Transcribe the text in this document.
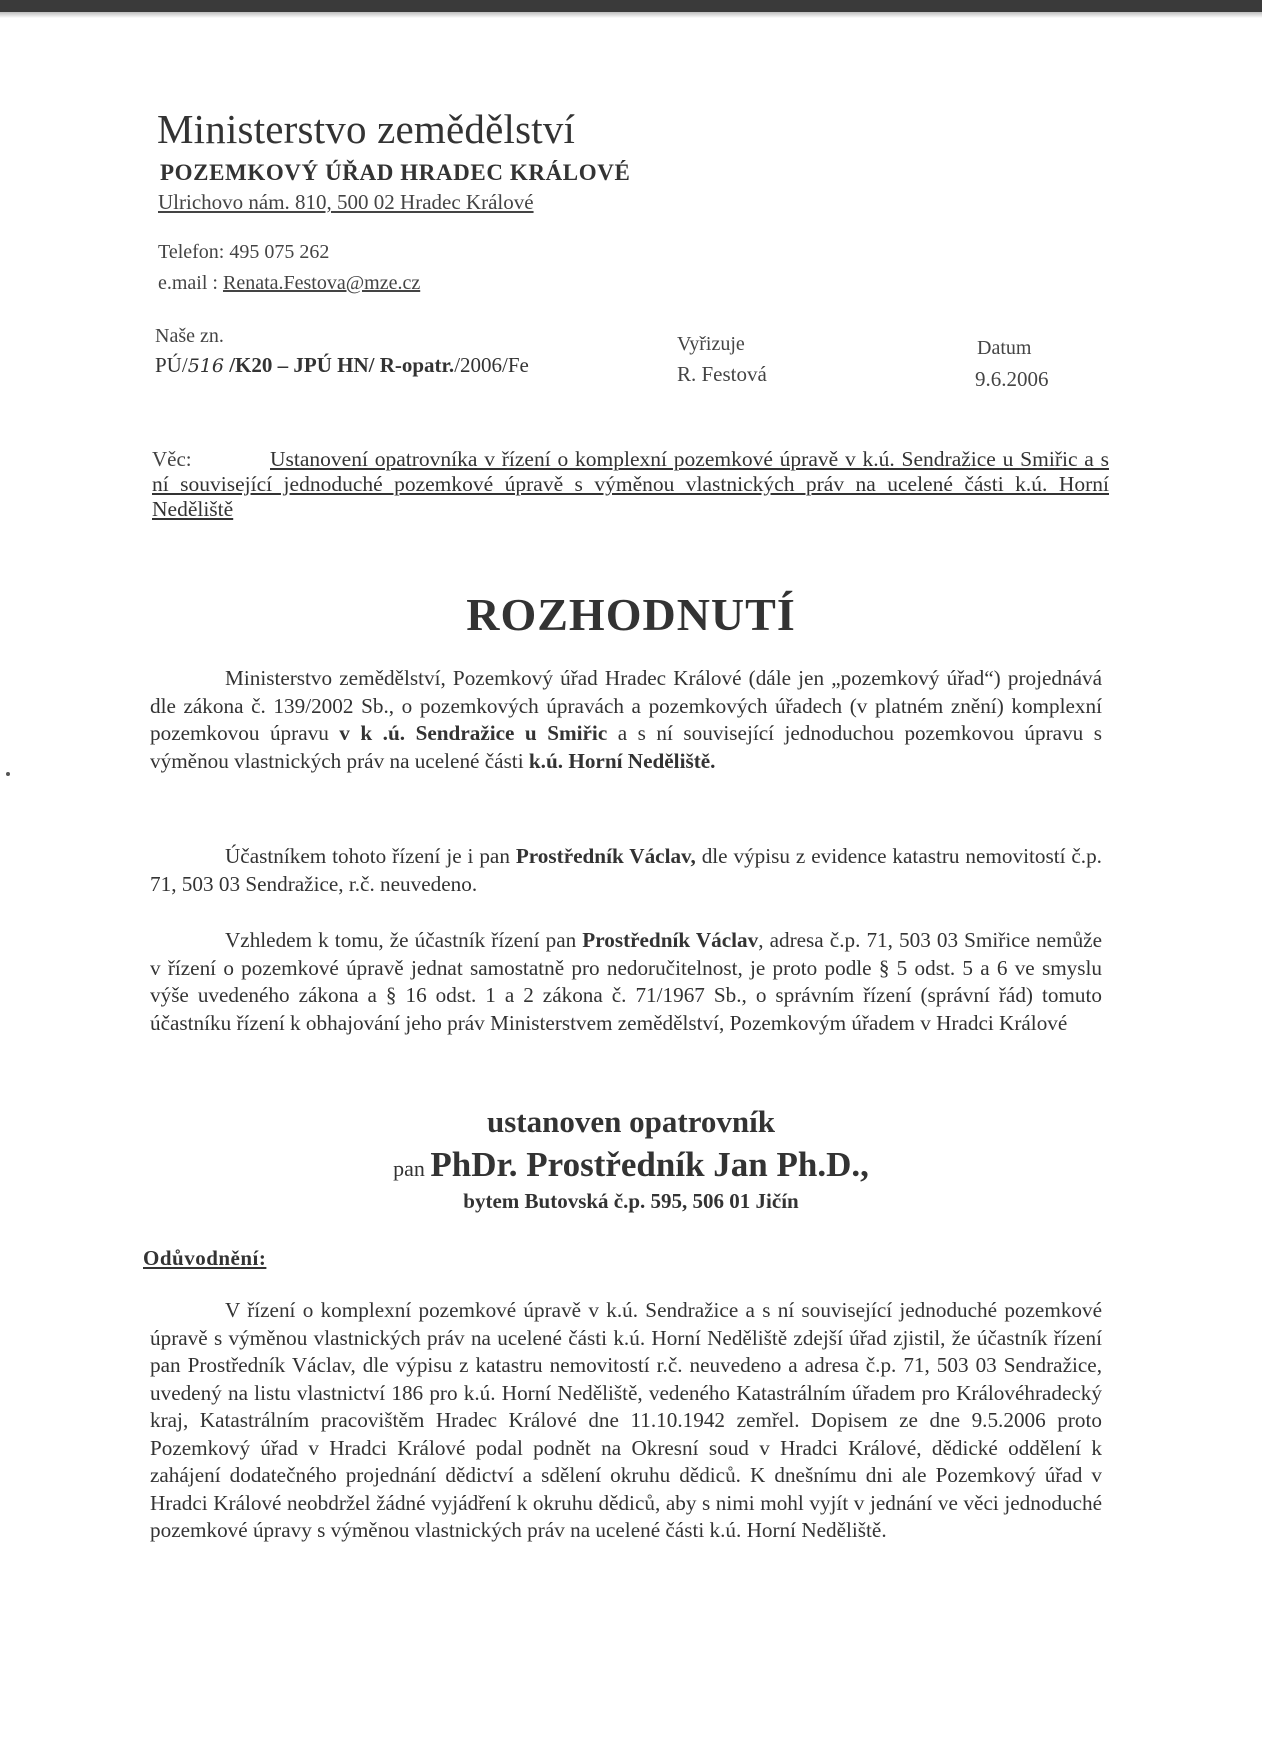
Ministerstvo zemědělství
POZEMKOVÝ ÚŘAD HRADEC KRÁLOVÉ
Ulrichovo nám. 810, 500 02 Hradec Králové
Telefon: 495 075 262
e.mail : Renata.Festova@mze.cz
Naše zn.
PÚ/516 /K20 – JPÚ HN/ R-opatr./2006/Fe
Vyřizuje
R. Festová
Datum
9.6.2006
Věc:	Ustanovení opatrovníka v řízení o komplexní pozemkové úpravě v k.ú. Sendražice u Smiřic a s ní související jednoduché pozemkové úpravě s výměnou vlastnických práv na ucelené části k.ú. Horní Neděliště
ROZHODNUTÍ
Ministerstvo zemědělství, Pozemkový úřad Hradec Králové (dále jen „pozemkový úřad“) projednává dle zákona č. 139/2002 Sb., o pozemkových úpravách a pozemkových úřadech (v platném znění) komplexní pozemkovou úpravu v k .ú. Sendražice u Smiřic a s ní související jednoduchou pozemkovou úpravu s výměnou vlastnických práv na ucelené části k.ú. Horní Neděliště.
Účastníkem tohoto řízení je i pan Prostředník Václav, dle výpisu z evidence katastru nemovitostí č.p. 71, 503 03 Sendražice, r.č. neuvedeno.
Vzhledem k tomu, že účastník řízení pan Prostředník Václav, adresa č.p. 71, 503 03 Smiřice nemůže v řízení o pozemkové úpravě jednat samostatně pro nedoručitelnost, je proto podle § 5 odst. 5 a 6 ve smyslu výše uvedeného zákona a § 16 odst. 1 a 2 zákona č. 71/1967 Sb., o správním řízení (správní řád) tomuto účastníku řízení k obhajování jeho práv Ministerstvem zemědělství, Pozemkovým úřadem v Hradci Králové
ustanoven opatrovník
pan PhDr. Prostředník Jan Ph.D.,
bytem Butovská č.p. 595, 506 01 Jičín
Odůvodnění:
V řízení o komplexní pozemkové úpravě v k.ú. Sendražice a s ní související jednoduché pozemkové úpravě s výměnou vlastnických práv na ucelené části k.ú. Horní Neděliště zdejší úřad zjistil, že účastník řízení pan Prostředník Václav, dle výpisu z katastru nemovitostí r.č. neuvedeno a adresa č.p. 71, 503 03 Sendražice, uvedený na listu vlastnictví 186 pro k.ú. Horní Neděliště, vedeného Katastrálním úřadem pro Královéhradecký kraj, Katastrálním pracovištěm Hradec Králové dne 11.10.1942 zemřel. Dopisem ze dne 9.5.2006 proto Pozemkový úřad v Hradci Králové podal podnět na Okresní soud v Hradci Králové, dědické oddělení k zahájení dodatečného projednání dědictví a sdělení okruhu dědiců. K dnešnímu dni ale Pozemkový úřad v Hradci Králové neobdržel žádné vyjádření k okruhu dědiců, aby s nimi mohl vyjít v jednání ve věci jednoduché pozemkové úpravy s výměnou vlastnických práv na ucelené části k.ú. Horní Neděliště.
